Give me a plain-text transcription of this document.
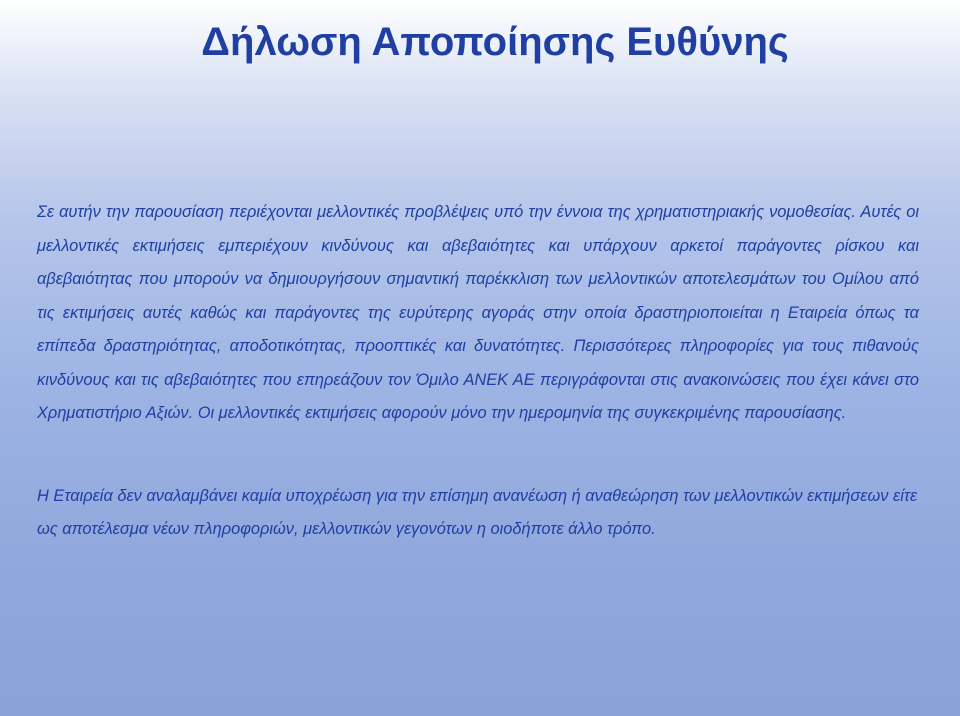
Δήλωση Αποποίησης Ευθύνης

Σε αυτήν την παρουσίαση περιέχονται μελλοντικές προβλέψεις υπό την έννοια της χρηματιστηριακής νομοθεσίας. Αυτές οι μελλοντικές εκτιμήσεις εμπεριέχουν κινδύνους και αβεβαιότητες και υπάρχουν αρκετοί παράγοντες ρίσκου και αβεβαιότητας που μπορούν να δημιουργήσουν σημαντική παρέκκλιση των μελλοντικών αποτελεσμάτων του Ομίλου από τις εκτιμήσεις αυτές καθώς και παράγοντες της ευρύτερης αγοράς στην οποία δραστηριοποιείται η Εταιρεία όπως τα επίπεδα δραστηριότητας, αποδοτικότητας, προοπτικές και δυνατότητες. Περισσότερες πληροφορίες για τους πιθανούς κινδύνους και τις αβεβαιότητες που επηρεάζουν τον Όμιλο ΑΝΕΚ ΑΕ περιγράφονται στις ανακοινώσεις που έχει κάνει στο Χρηματιστήριο Αξιών. Οι μελλοντικές εκτιμήσεις αφορούν μόνο την ημερομηνία της συγκεκριμένης παρουσίασης.

Η Εταιρεία δεν αναλαμβάνει καμία υποχρέωση για την επίσημη ανανέωση ή αναθεώρηση των μελλοντικών εκτιμήσεων είτε ως αποτέλεσμα νέων πληροφοριών, μελλοντικών γεγονότων η οιοδήποτε άλλο τρόπο.
